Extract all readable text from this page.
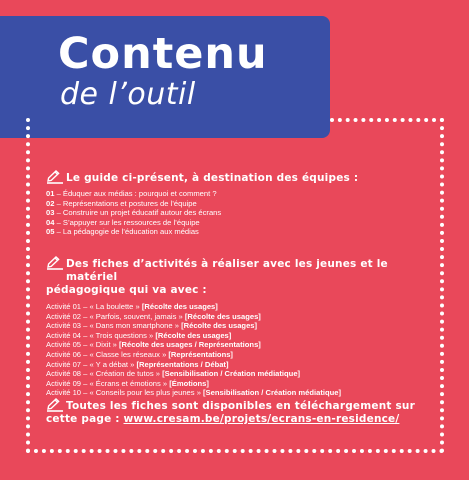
Contenu
de l’outil
Le guide ci-présent, à destination des équipes :
01 – Éduquer aux médias : pourquoi et comment ?
02 – Représentations et postures de l’équipe
03 – Construire un projet éducatif autour des écrans
04 – S’appuyer sur les ressources de l’équipe
05 – La pédagogie de l’éducation aux médias
Des fiches d’activités à réaliser avec les jeunes et le matériel
pédagogique qui va avec :
Activité 01 – « La boulette » [Récolte des usages]
Activité 02 – « Parfois, souvent, jamais » [Récolte des usages]
Activité 03 – « Dans mon smartphone » [Récolte des usages]
Activité 04 – « Trois questions » [Récolte des usages]
Activité 05 – « Dixit » [Récolte des usages / Représentations]
Activité 06 – « Classe les réseaux » [Représentations]
Activité 07 – « Y a débat » [Représentations / Débat]
Activité 08 – « Création de tutos » [Sensibilisation / Création médiatique]
Activité 09 – « Écrans et émotions » [Émotions]
Activité 10 – « Conseils pour les plus jeunes » [Sensibilisation / Création médiatique]
Toutes les fiches sont disponibles en téléchargement sur
cette page : www.cresam.be/projets/ecrans-en-residence/
